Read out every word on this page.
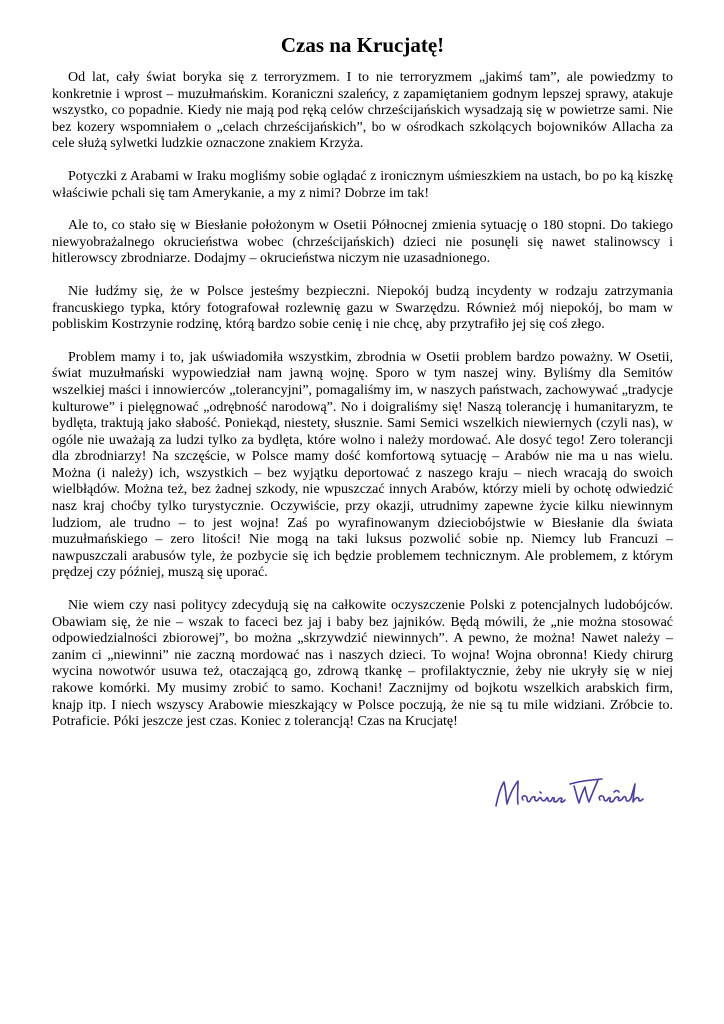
Czas na Krucjatę!

Od lat, cały świat boryka się z terroryzmem. I to nie terroryzmem „jakimś tam”, ale powiedzmy to konkretnie i wprost – muzułmańskim. Koraniczni szaleńcy, z zapamiętaniem godnym lepszej sprawy, atakuje wszystko, co popadnie. Kiedy nie mają pod ręką celów chrześcijańskich wysadzają się w powietrze sami. Nie bez kozery wspomniałem o „celach chrześcijańskich”, bo w ośrodkach szkolących bojowników Allacha za cele służą sylwetki ludzkie oznaczone znakiem Krzyża.

Potyczki z Arabami w Iraku mogliśmy sobie oglądać z ironicznym uśmieszkiem na ustach, bo po ką kiszkę właściwie pchali się tam Amerykanie, a my z nimi? Dobrze im tak!

Ale to, co stało się w Biesłanie położonym w Osetii Północnej zmienia sytuację o 180 stopni. Do takiego niewyobrażalnego okrucieństwa wobec (chrześcijańskich) dzieci nie posunęli się nawet stalinowscy i hitlerowscy zbrodniarze. Dodajmy – okrucieństwa niczym nie uzasadnionego.

Nie łudźmy się, że w Polsce jesteśmy bezpieczni. Niepokój budzą incydenty w rodzaju zatrzymania francuskiego typka, który fotografował rozlewnię gazu w Swarzędzu. Również mój niepokój, bo mam w pobliskim Kostrzynie rodzinę, którą bardzo sobie cenię i nie chcę, aby przytrafiło jej się coś złego.

Problem mamy i to, jak uświadomiła wszystkim, zbrodnia w Osetii problem bardzo poważny. W Osetii, świat muzułmański wypowiedział nam jawną wojnę. Sporo w tym naszej winy. Byliśmy dla Semitów wszelkiej maści i innowierców „tolerancyjni”, pomagaliśmy im, w naszych państwach, zachowywać „tradycje kulturowe” i pielęgnować „odrębność narodową”. No i doigraliśmy się! Naszą tolerancję i humanitaryzm, te bydlęta, traktują jako słabość. Poniekąd, niestety, słusznie. Sami Semici wszelkich niewiernych (czyli nas), w ogóle nie uważają za ludzi tylko za bydlęta, które wolno i należy mordować. Ale dosyć tego! Zero tolerancji dla zbrodniarzy! Na szczęście, w Polsce mamy dość komfortową sytuację – Arabów nie ma u nas wielu. Można (i należy) ich, wszystkich – bez wyjątku deportować z naszego kraju – niech wracają do swoich wielbłądów. Można też, bez żadnej szkody, nie wpuszczać innych Arabów, którzy mieli by ochotę odwiedzić nasz kraj choćby tylko turystycznie. Oczywiście, przy okazji, utrudnimy zapewne życie kilku niewinnym ludziom, ale trudno – to jest wojna! Zaś po wyrafinowanym dzieciobójstwie w Biesłanie dla świata muzułmańskiego – zero litości! Nie mogą na taki luksus pozwolić sobie np. Niemcy lub Francuzi – nawpuszczali arabusów tyle, że pozbycie się ich będzie problemem technicznym. Ale problemem, z którym prędzej czy później, muszą się uporać.

Nie wiem czy nasi politycy zdecydują się na całkowite oczyszczenie Polski z potencjalnych ludobójców. Obawiam się, że nie – wszak to faceci bez jaj i baby bez jajników. Będą mówili, że „nie można stosować odpowiedzialności zbiorowej”, bo można „skrzywdzić niewinnych”. A pewno, że można! Nawet należy – zanim ci „niewinni” nie zaczną mordować nas i naszych dzieci. To wojna! Wojna obronna! Kiedy chirurg wycina nowotwór usuwa też, otaczającą go, zdrową tkankę – profilaktycznie, żeby nie ukryły się w niej rakowe komórki. My musimy zrobić to samo. Kochani! Zacznijmy od bojkotu wszelkich arabskich firm, knajp itp. I niech wszyscy Arabowie mieszkający w Polsce poczują, że nie są tu mile widziani. Zróbcie to. Potraficie. Póki jeszcze jest czas. Koniec z tolerancją! Czas na Krucjatę!
